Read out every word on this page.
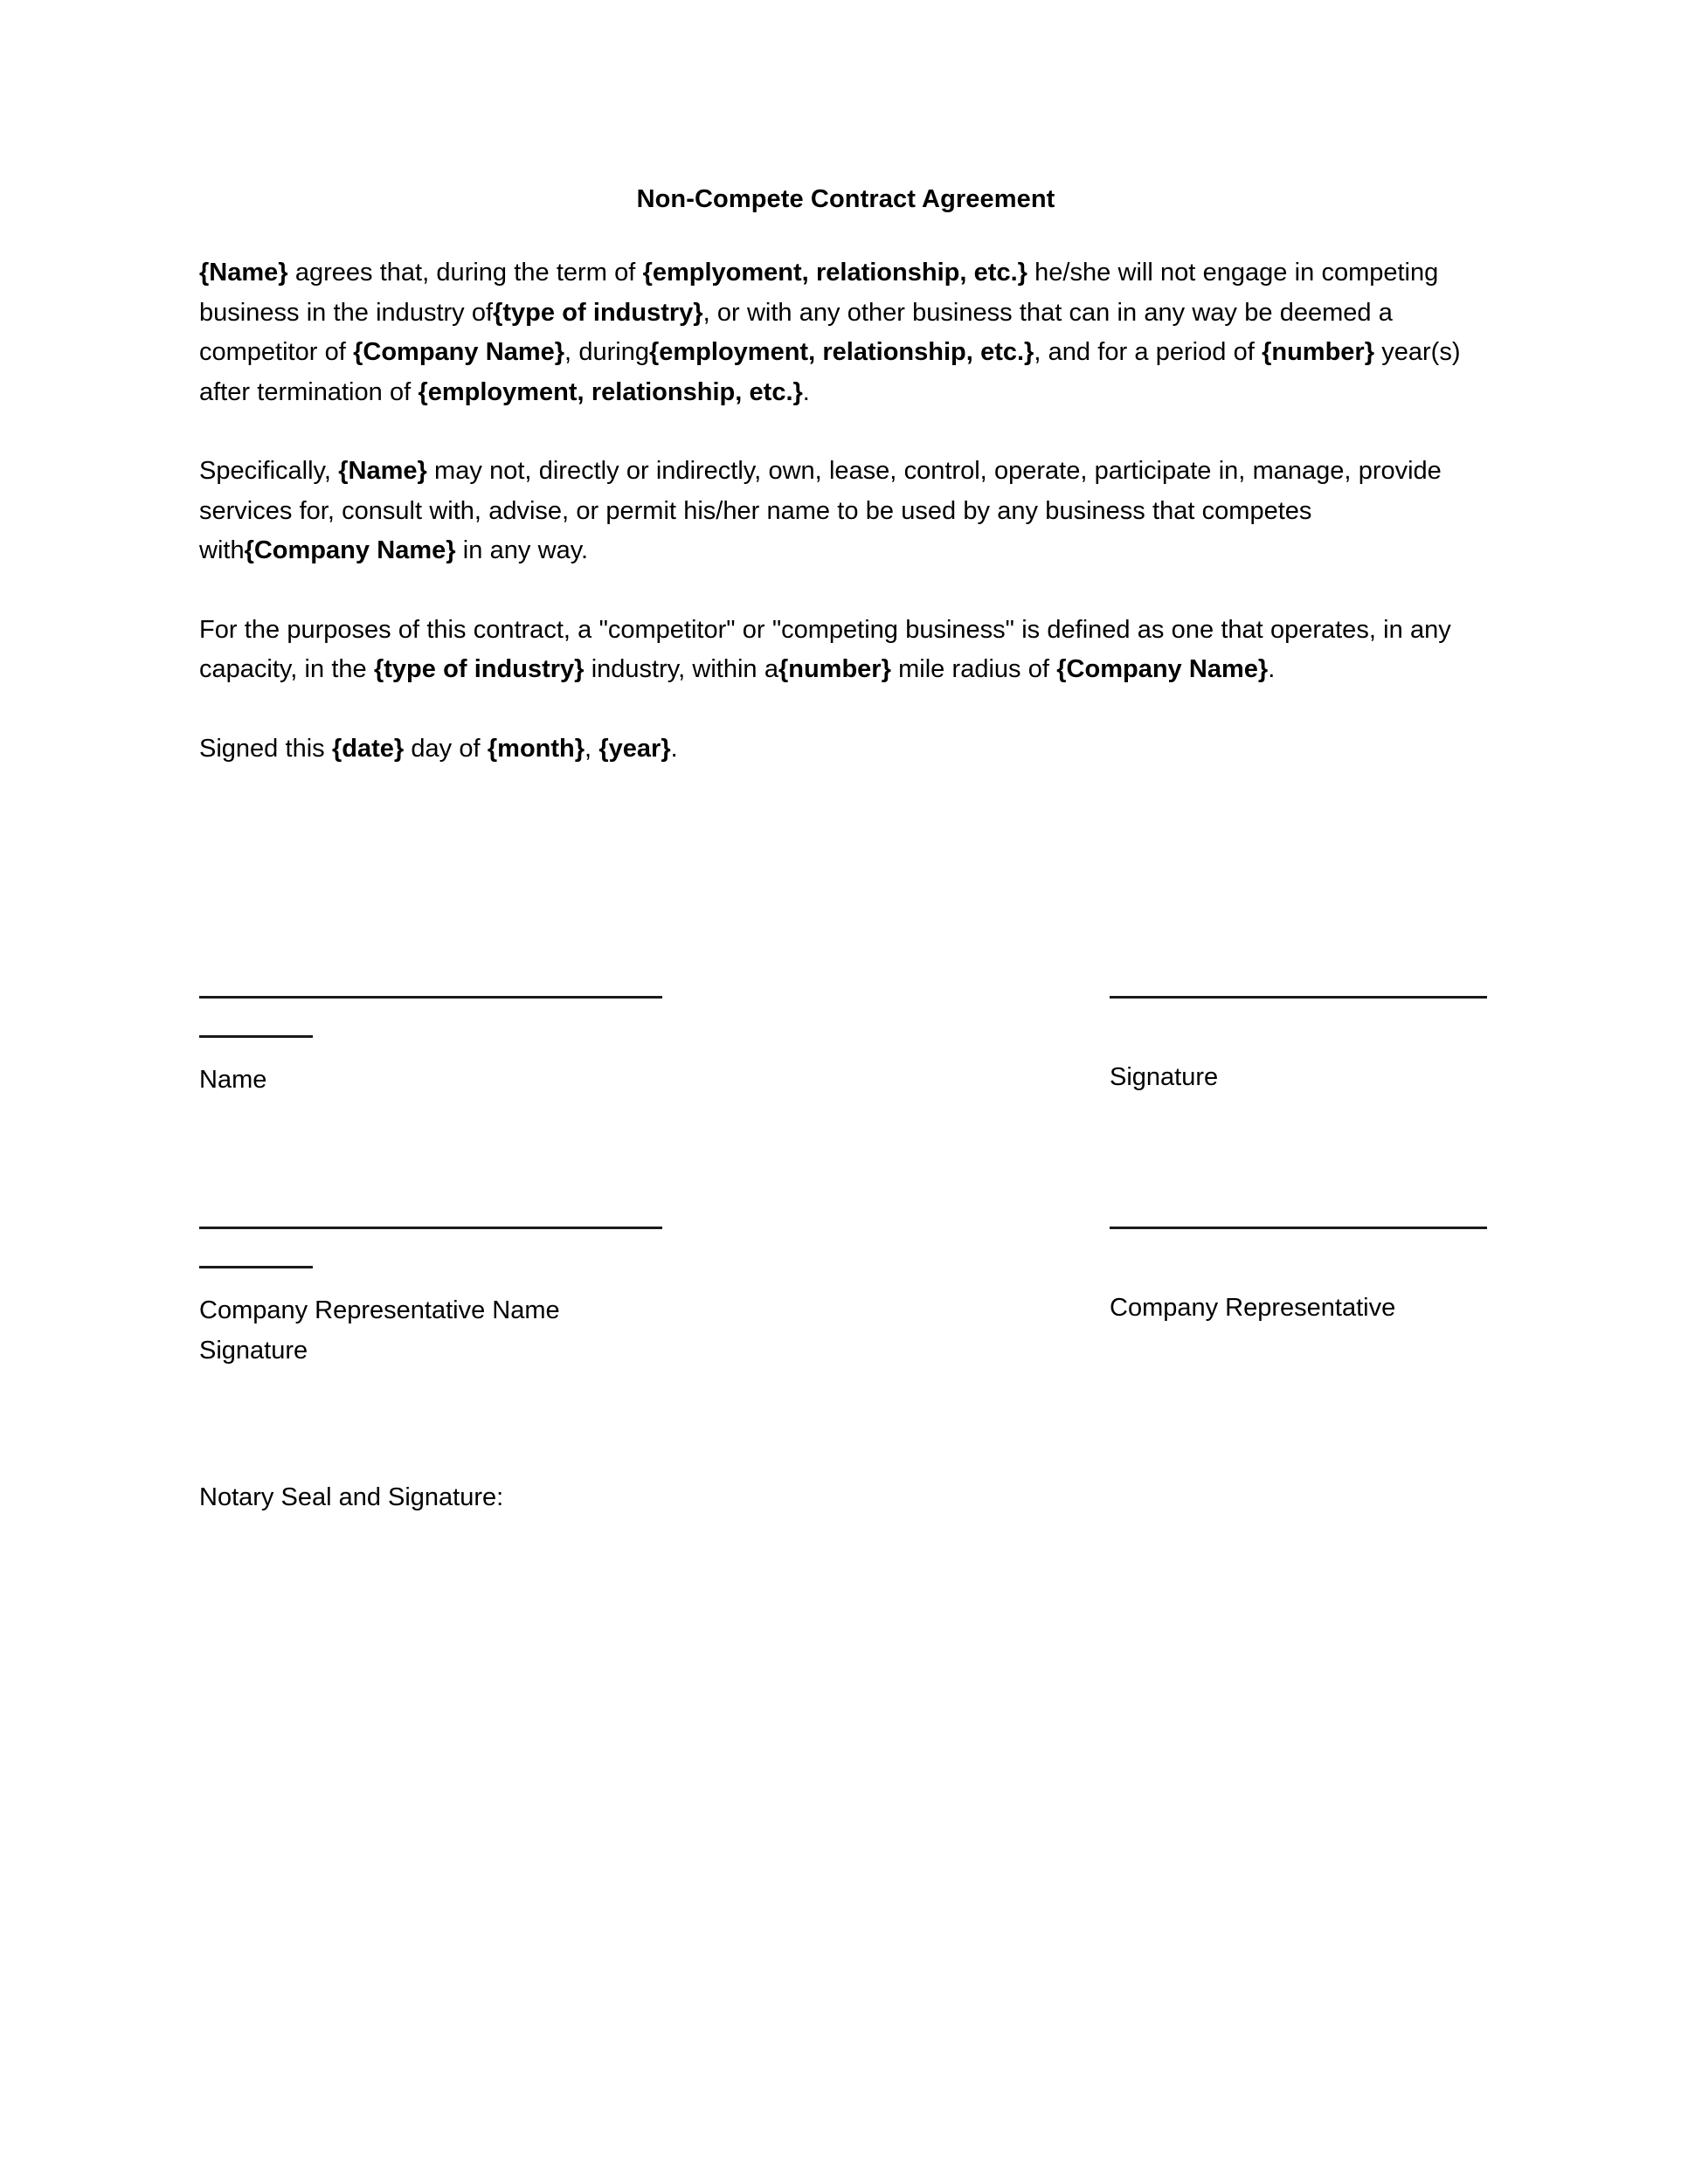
Non-Compete Contract Agreement

{Name} agrees that, during the term of {emplyoment, relationship, etc.} he/she will not engage in competing business in the industry of{type of industry}, or with any other business that can in any way be deemed a competitor of {Company Name}, during{employment, relationship, etc.}, and for a period of {number} year(s) after termination of {employment, relationship, etc.}.

Specifically, {Name} may not, directly or indirectly, own, lease, control, operate, participate in, manage, provide services for, consult with, advise, or permit his/her name to be used by any business that competes with{Company Name} in any way.

For the purposes of this contract, a "competitor" or "competing business" is defined as one that operates, in any capacity, in the {type of industry} industry, within a{number} mile radius of {Company Name}.

Signed this {date} day of {month}, {year}.

Name	Signature
Company Representative Name Signature
Company Representative
Notary Seal and Signature:
